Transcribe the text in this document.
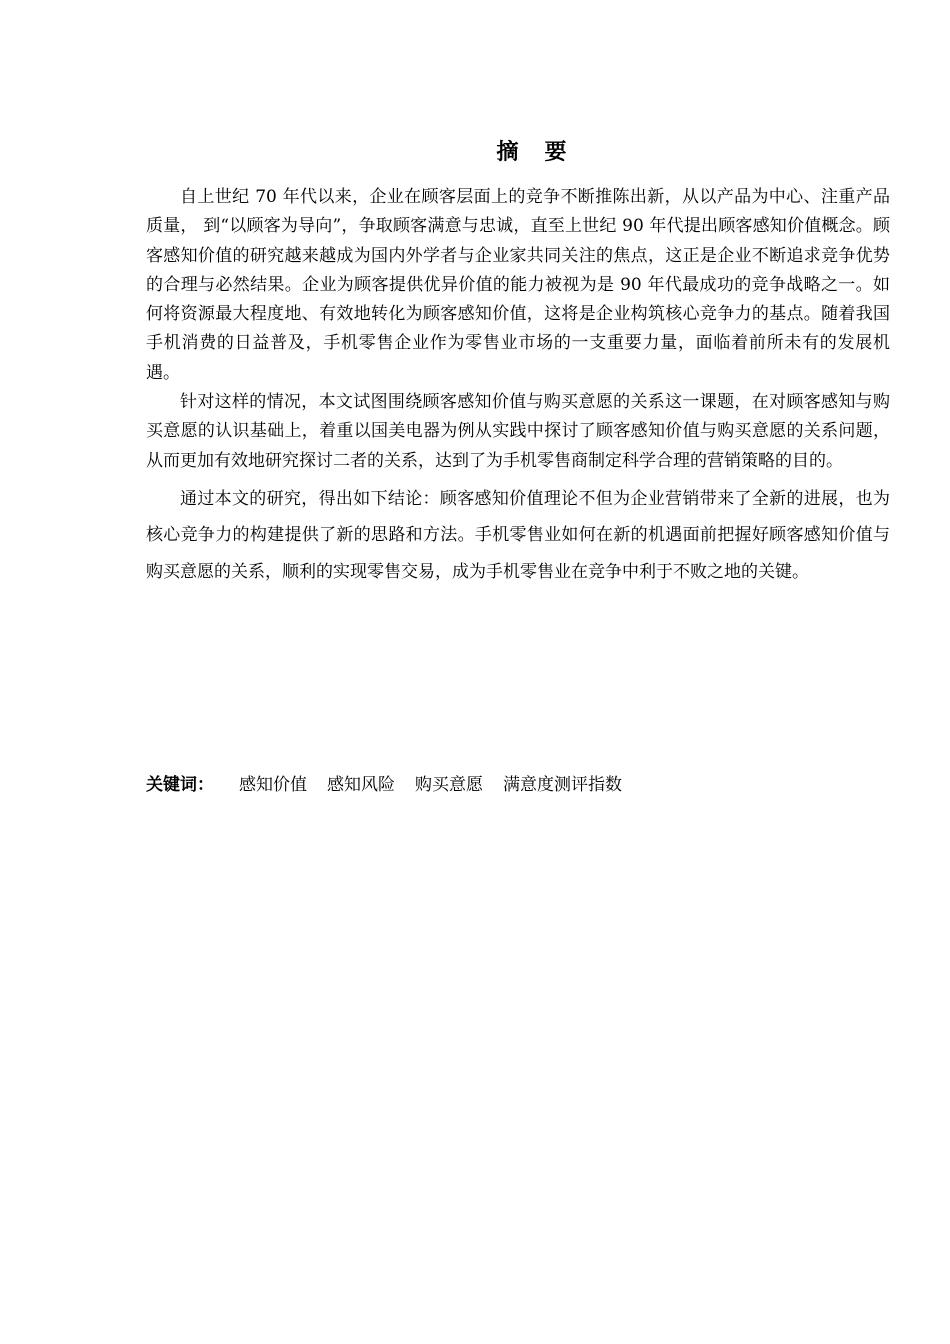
摘 要

自上世纪 70 年代以来，企业在顾客层面上的竞争不断推陈出新，从以产品为中心、注重产品质量， 到“以顾客为导向”，争取顾客满意与忠诚，直至上世纪 90 年代提出顾客感知价值概念。顾客感知价值的研究越来越成为国内外学者与企业家共同关注的焦点，这正是企业不断追求竞争优势的合理与必然结果。企业为顾客提供优异价值的能力被视为是 90 年代最成功的竞争战略之一。如何将资源最大程度地、有效地转化为顾客感知价值，这将是企业构筑核心竞争力的基点。随着我国手机消费的日益普及，手机零售企业作为零售业市场的一支重要力量，面临着前所未有的发展机遇。

针对这样的情况，本文试图围绕顾客感知价值与购买意愿的关系这一课题，在对顾客感知与购买意愿的认识基础上，着重以国美电器为例从实践中探讨了顾客感知价值与购买意愿的关系问题，从而更加有效地研究探讨二者的关系，达到了为手机零售商制定科学合理的营销策略的目的。

通过本文的研究，得出如下结论：顾客感知价值理论不但为企业营销带来了全新的进展，也为核心竞争力的构建提供了新的思路和方法。手机零售业如何在新的机遇面前把握好顾客感知价值与购买意愿的关系，顺利的实现零售交易，成为手机零售业在竞争中利于不败之地的关键。

关键词： 感知价值 感知风险 购买意愿 满意度测评指数
